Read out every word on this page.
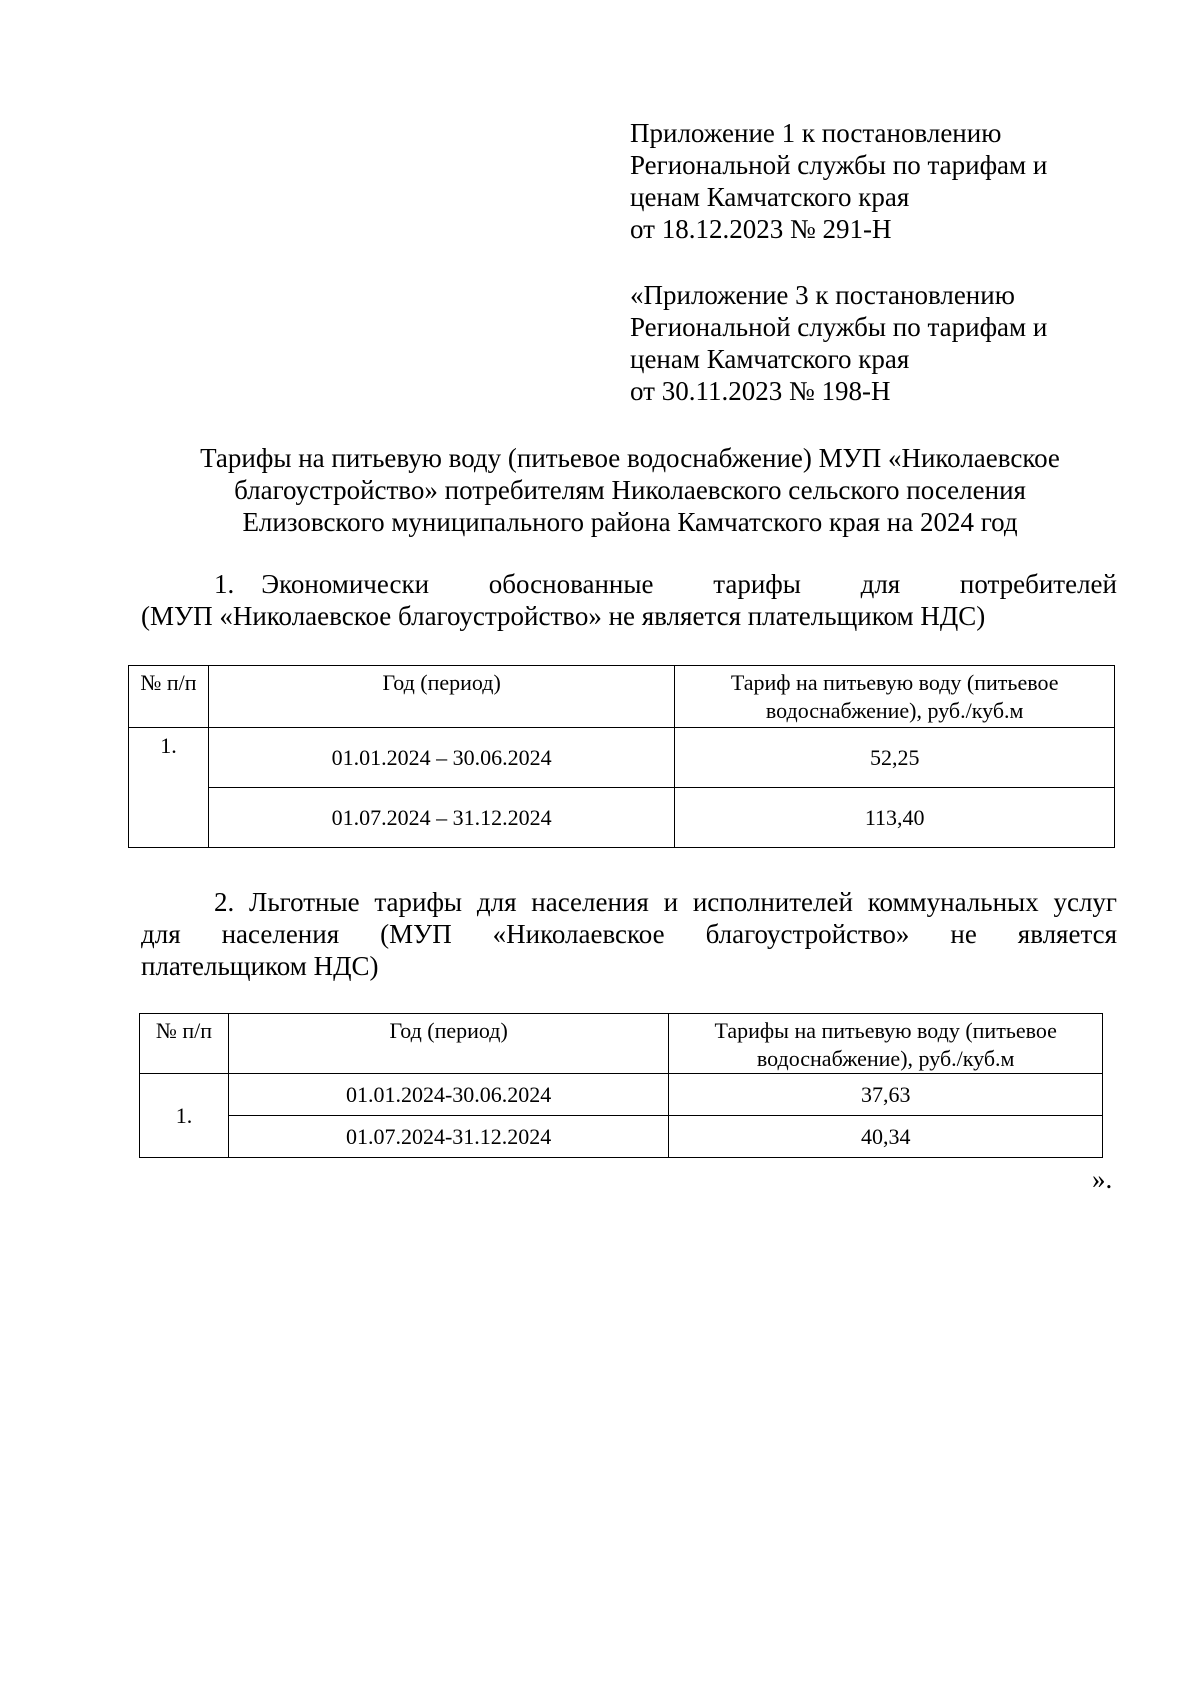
Приложение 1 к постановлению
Региональной службы по тарифам и
ценам Камчатского края
от 18.12.2023 № 291-Н
«Приложение 3 к постановлению
Региональной службы по тарифам и
ценам Камчатского края
от 30.11.2023 № 198-Н
Тарифы на питьевую воду (питьевое водоснабжение) МУП «Николаевское
благоустройство» потребителям Николаевского сельского поселения
Елизовского муниципального района Камчатского края на 2024 год
1. Экономически обоснованные тарифы для потребителей
(МУП «Николаевское благоустройство» не является плательщиком НДС)
№ п/п	Год (период)	Тариф на питьевую воду (питьевое водоснабжение), руб./куб.м
1.	01.01.2024 – 30.06.2024	52,25
	01.07.2024 – 31.12.2024	113,40
2. Льготные тарифы для населения и исполнителей коммунальных услуг
для населения (МУП «Николаевское благоустройство» не является
плательщиком НДС)
№ п/п	Год (период)	Тарифы на питьевую воду (питьевое водоснабжение), руб./куб.м
1.	01.01.2024-30.06.2024	37,63
	01.07.2024-31.12.2024	40,34
».
